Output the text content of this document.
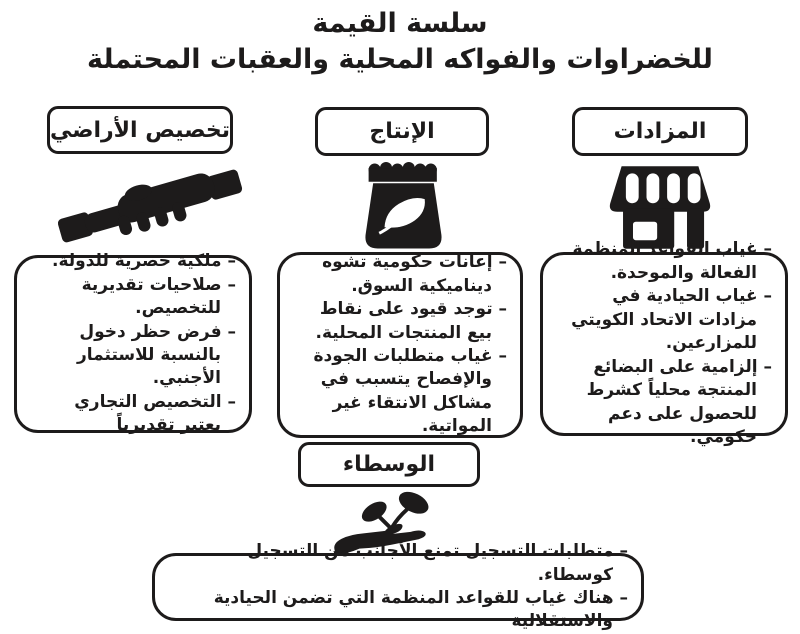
سلسة القيمة
للخضراوات والفواكه المحلية والعقبات المحتملة
تخصيص الأراضي	الإنتاج	المزادات
– ملكية حصرية للدولة.
– صلاحيات تقديرية للتخصيص.
– فرض حظر دخول بالنسبة للاستثمار الأجنبي.
– التخصيص التجاري يعتبر تقديرياً
– إعانات حكومية تشوه ديناميكية السوق.
– توجد قيود على نقاط بيع المنتجات المحلية.
– غياب متطلبات الجودة والإفصاح يتسبب في مشاكل الانتقاء غير المواتية.
– غياب القواعد المنظمة الفعالة والموحدة.
– غياب الحيادية في مزادات الاتحاد الكويتي للمزارعين.
– إلزامية على البضائع المنتجة محلياً كشرط للحصول على دعم حكومي.
الوسطاء
– متطلبات التسجيل تمنع الأجانب من التسجيل كوسطاء.
– هناك غياب للقواعد المنظمة التي تضمن الحيادية والاستقلالية
